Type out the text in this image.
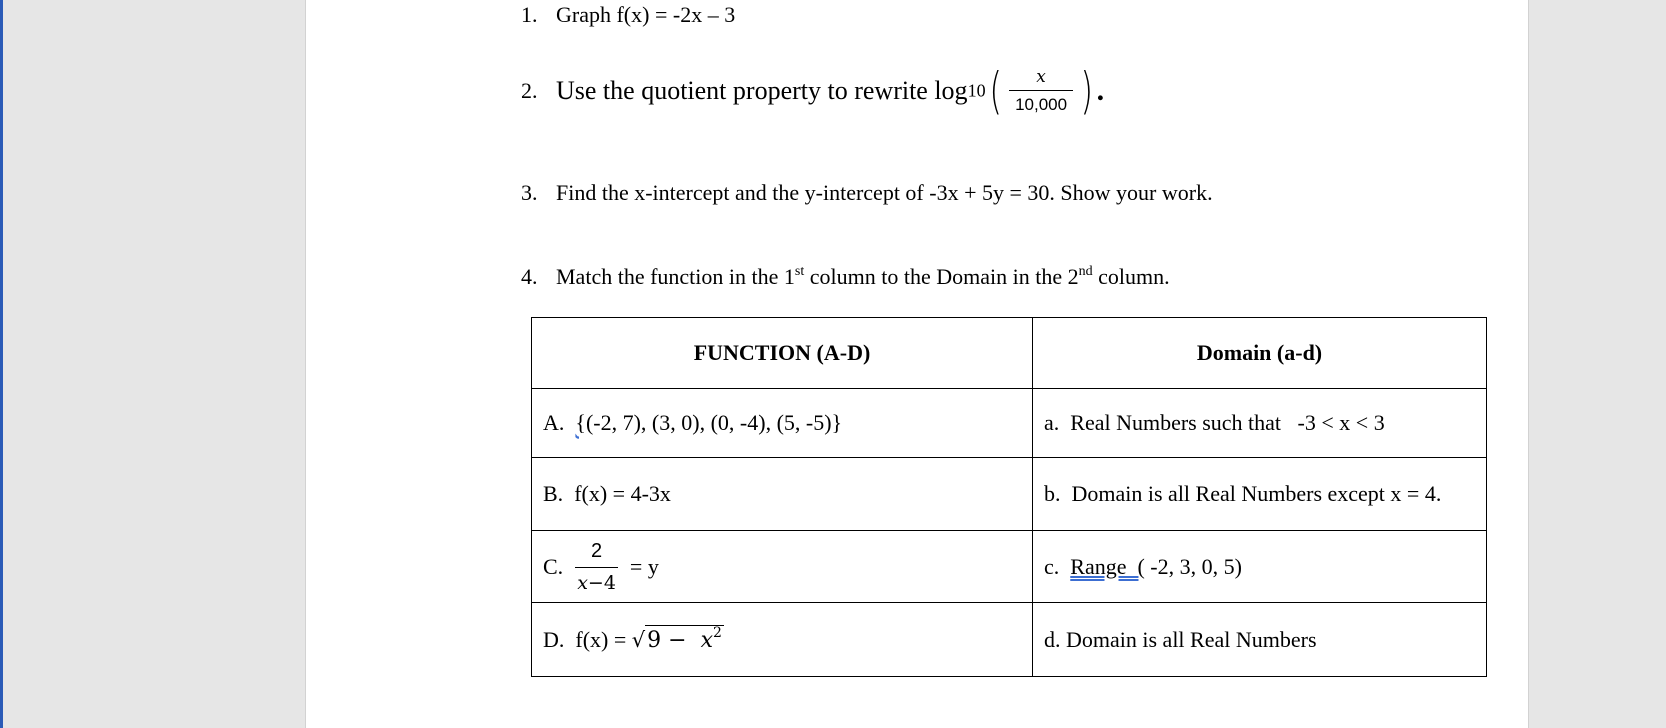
1. Graph f(x) = -2x – 3
2. Use the quotient property to rewrite $\log 10( \frac{x}{10,000}$ ) .
3. Find the x-intercept and the y-intercept of -3x + 5y = 30. Show your work.
4. Match the function in the 1st column to the Domain in the 2nd column.
FUNCTION (A-D)	Domain (a-d)
A. {(-2, 7), (3, 0), (0, -4), (5, -5)}	a. Real Numbers such that   -3 < x < 3
B. f(x) = 4-3x	b. Domain is all Real Numbers except x = 4.
C. $\frac{2}{x-4} = y$	c. Range  ( -2, 3, 0, 5)
D. $f(x) = √9 - x^2$	d. Domain is all Real Numbers
